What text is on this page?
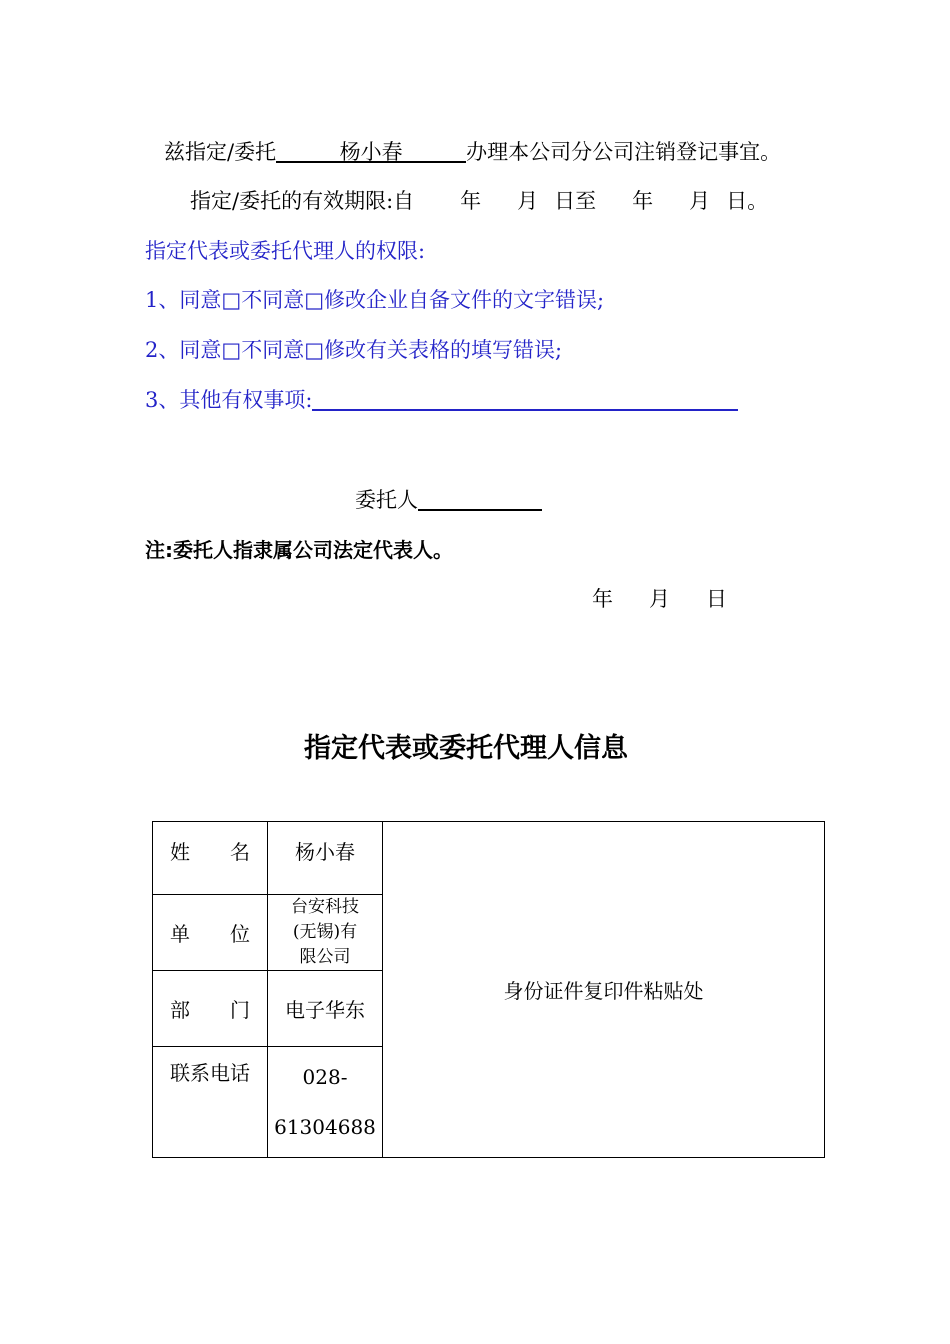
兹指定/委托	杨小春	办理本公司分公司注销登记事宜。
指定/委托的有效期限:自 年 月 日至 年 月 日。
指定代表或委托代理人的权限:
1、同意□不同意□修改企业自备文件的文字错误;
2、同意□不同意□修改有关表格的填写错误;
3、其他有权事项:
委托人
注:委托人指隶属公司法定代表人。
年 月 日
指定代表或委托代理人信息
姓　　名	杨小春	身份证件复印件粘贴处
单　　位	台安科技
(无锡)有
限公司	

部　　门	电子华东	
联系电话	028-
61304688	
